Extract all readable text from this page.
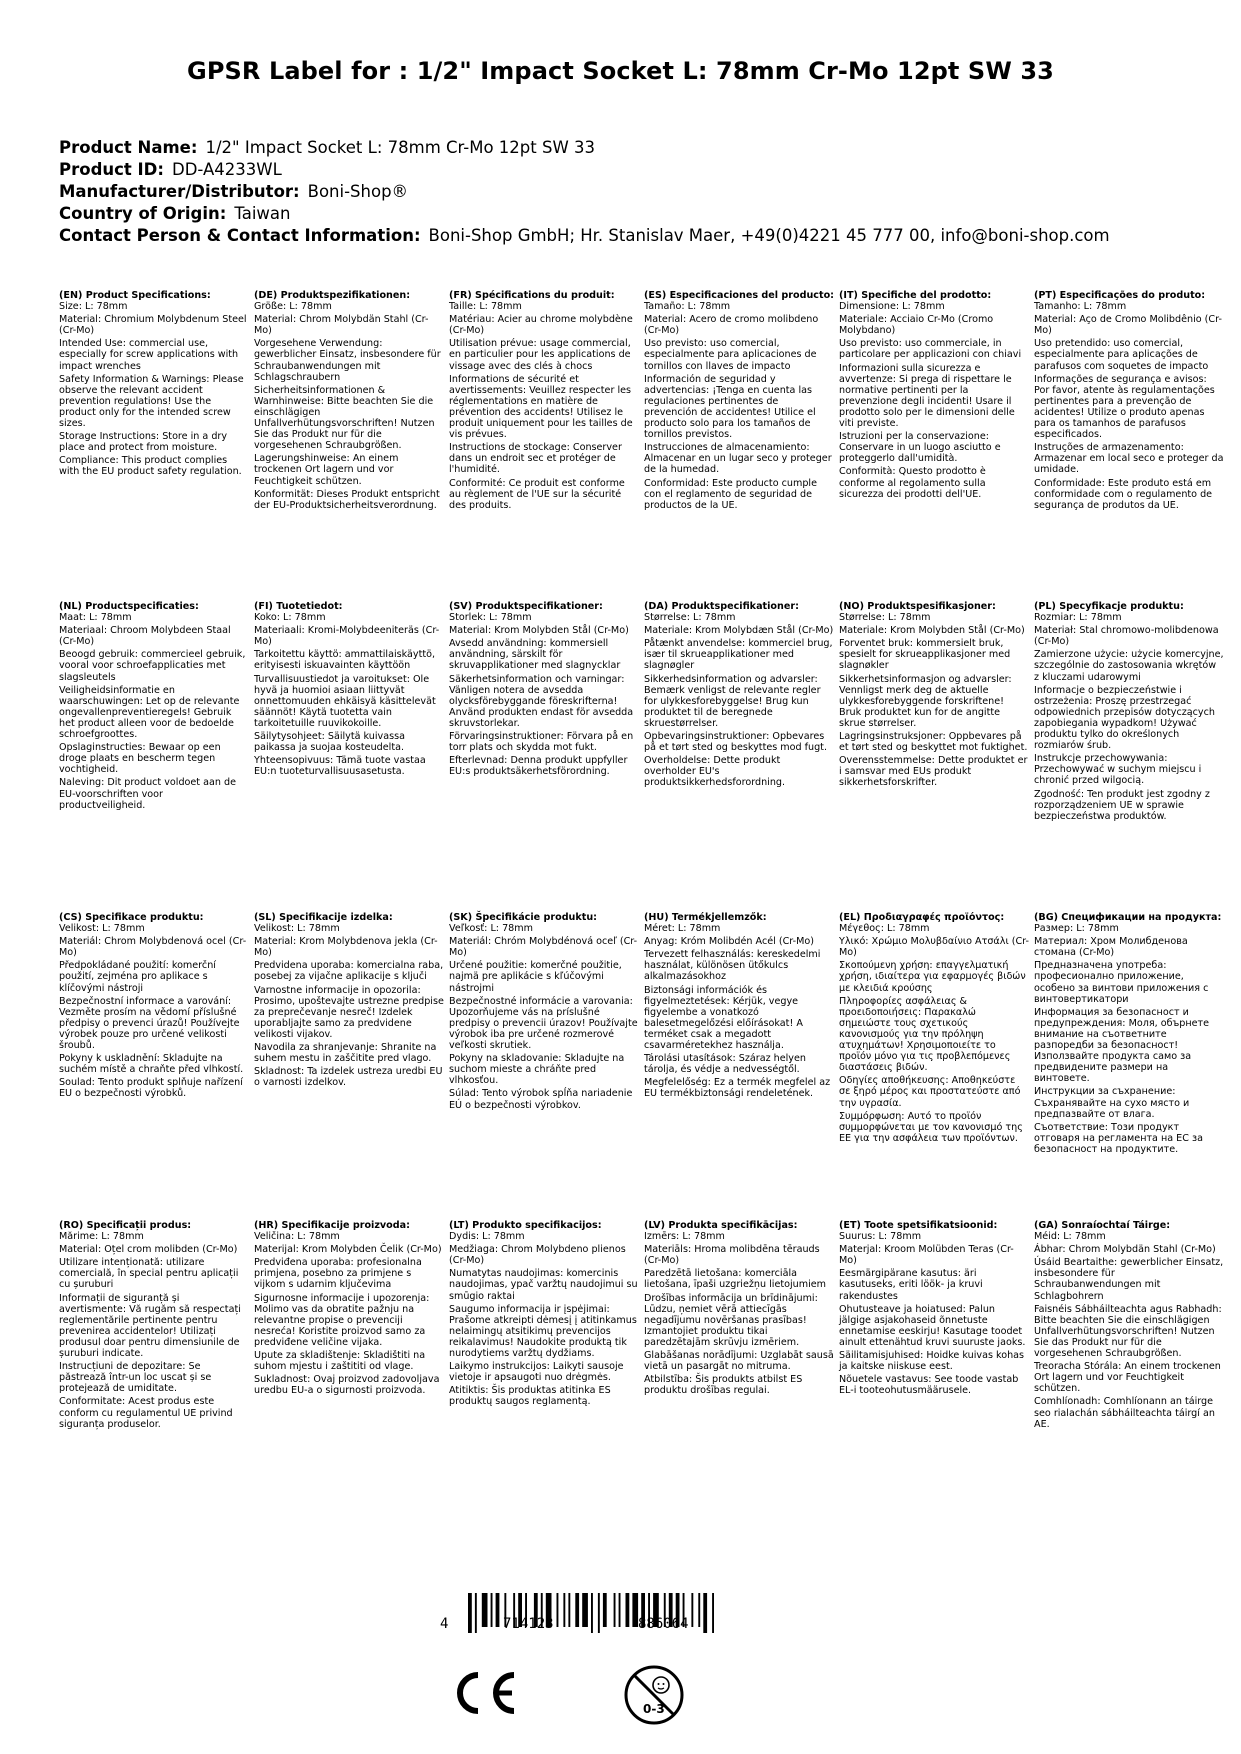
GPSR Label for : 1/2" Impact Socket L: 78mm Cr-Mo 12pt SW 33
Product Name: 1/2" Impact Socket L: 78mm Cr-Mo 12pt SW 33
Product ID: DD-A4233WL
Manufacturer/Distributor: Boni-Shop®
Country of Origin: Taiwan
Contact Person & Contact Information: Boni-Shop GmbH; Hr. Stanislav Maer, +49(0)4221 45 777 00, info@boni-shop.com
(EN) Product Specifications:
Size: L: 78mm
Material: Chromium Molybdenum Steel (Cr-Mo)
Intended Use: commercial use, especially for screw applications with impact wrenches
Safety Information & Warnings: Please observe the relevant accident prevention regulations! Use the product only for the intended screw sizes.
Storage Instructions: Store in a dry place and protect from moisture.
Compliance: This product complies with the EU product safety regulation.
(DE) Produktspezifikationen:
Größe: L: 78mm
Material: Chrom Molybdän Stahl (Cr-Mo)
Vorgesehene Verwendung: gewerblicher Einsatz, insbesondere für Schraubanwendungen mit Schlagschraubern
Sicherheitsinformationen & Warnhinweise: Bitte beachten Sie die einschlägigen Unfallverhütungsvorschriften! Nutzen Sie das Produkt nur für die vorgesehenen Schraubgrößen.
Lagerungshinweise: An einem trockenen Ort lagern und vor Feuchtigkeit schützen.
Konformität: Dieses Produkt entspricht der EU-Produktsicherheitsverordnung.
(FR) Spécifications du produit:
Taille: L: 78mm
Matériau: Acier au chrome molybdène (Cr-Mo)
Utilisation prévue: usage commercial, en particulier pour les applications de vissage avec des clés à chocs
Informations de sécurité et avertissements: Veuillez respecter les réglementations en matière de prévention des accidents! Utilisez le produit uniquement pour les tailles de vis prévues.
Instructions de stockage: Conserver dans un endroit sec et protéger de l'humidité.
Conformité: Ce produit est conforme au règlement de l'UE sur la sécurité des produits.
(ES) Especificaciones del producto:
Tamaño: L: 78mm
Material: Acero de cromo molibdeno (Cr-Mo)
Uso previsto: uso comercial, especialmente para aplicaciones de tornillos con llaves de impacto
Información de seguridad y advertencias: ¡Tenga en cuenta las regulaciones pertinentes de prevención de accidentes! Utilice el producto solo para los tamaños de tornillos previstos.
Instrucciones de almacenamiento: Almacenar en un lugar seco y proteger de la humedad.
Conformidad: Este producto cumple con el reglamento de seguridad de productos de la UE.
(IT) Specifiche del prodotto:
Dimensione: L: 78mm
Materiale: Acciaio Cr-Mo (Cromo Molybdano)
Uso previsto: uso commerciale, in particolare per applicazioni con chiavi
Informazioni sulla sicurezza e avvertenze: Si prega di rispettare le normative pertinenti per la prevenzione degli incidenti! Usare il prodotto solo per le dimensioni delle viti previste.
Istruzioni per la conservazione: Conservare in un luogo asciutto e proteggerlo dall'umidità.
Conformità: Questo prodotto è conforme al regolamento sulla sicurezza dei prodotti dell'UE.
(PT) Especificações do produto:
Tamanho: L: 78mm
Material: Aço de Cromo Molibdênio (Cr-Mo)
Uso pretendido: uso comercial, especialmente para aplicações de parafusos com soquetes de impacto
Informações de segurança e avisos: Por favor, atente às regulamentações pertinentes para a prevenção de acidentes! Utilize o produto apenas para os tamanhos de parafusos especificados.
Instruções de armazenamento: Armazenar em local seco e proteger da umidade.
Conformidade: Este produto está em conformidade com o regulamento de segurança de produtos da UE.
(NL) Productspecificaties:
Maat: L: 78mm
Materiaal: Chroom Molybdeen Staal (Cr-Mo)
Beoogd gebruik: commercieel gebruik, vooral voor schroefapplicaties met slagsleutels
Veiligheidsinformatie en waarschuwingen: Let op de relevante ongevallenpreventieregels! Gebruik het product alleen voor de bedoelde schroefgroottes.
Opslaginstructies: Bewaar op een droge plaats en bescherm tegen vochtigheid.
Naleving: Dit product voldoet aan de EU-voorschriften voor productveiligheid.
(FI) Tuotetiedot:
Koko: L: 78mm
Materiaali: Kromi-Molybdeeniteräs (Cr-Mo)
Tarkoitettu käyttö: ammattilaiskäyttö, erityisesti iskuavainten käyttöön
Turvallisuustiedot ja varoitukset: Ole hyvä ja huomioi asiaan liittyvät onnettomuuden ehkäisyä käsittelevät säännöt! Käytä tuotetta vain tarkoitetuille ruuvikokoille.
Säilytysohjeet: Säilytä kuivassa paikassa ja suojaa kosteudelta.
Yhteensopivuus: Tämä tuote vastaa EU:n tuoteturvallisuusasetusta.
(SV) Produktspecifikationer:
Storlek: L: 78mm
Material: Krom Molybden Stål (Cr-Mo)
Avsedd användning: kommersiell användning, särskilt för skruvapplikationer med slagnycklar
Säkerhetsinformation och varningar: Vänligen notera de avsedda olycksförebyggande föreskrifterna! Använd produkten endast för avsedda skruvstorlekar.
Förvaringsinstruktioner: Förvara på en torr plats och skydda mot fukt.
Efterlevnad: Denna produkt uppfyller EU:s produktsäkerhetsförordning.
(DA) Produktspecifikationer:
Størrelse: L: 78mm
Materiale: Krom Molybdæn Stål (Cr-Mo)
Påtænkt anvendelse: kommerciel brug, især til skrueapplikationer med slagnøgler
Sikkerhedsinformation og advarsler: Bemærk venligst de relevante regler for ulykkesforebyggelse! Brug kun produktet til de beregnede skruestørrelser.
Opbevaringsinstruktioner: Opbevares på et tørt sted og beskyttes mod fugt.
Overholdelse: Dette produkt overholder EU's produktsikkerhedsforordning.
(NO) Produktspesifikasjoner:
Størrelse: L: 78mm
Materiale: Krom Molybden Stål (Cr-Mo)
Forventet bruk: kommersielt bruk, spesielt for skrueapplikasjoner med slagnøkler
Sikkerhetsinformasjon og advarsler: Vennligst merk deg de aktuelle ulykkesforebyggende forskriftene! Bruk produktet kun for de angitte skrue størrelser.
Lagringsinstruksjoner: Oppbevares på et tørt sted og beskyttet mot fuktighet.
Overensstemmelse: Dette produktet er i samsvar med EUs produkt sikkerhetsforskrifter.
(PL) Specyfikacje produktu:
Rozmiar: L: 78mm
Materiał: Stal chromowo-molibdenowa (Cr-Mo)
Zamierzone użycie: użycie komercyjne, szczególnie do zastosowania wkrętów z kluczami udarowymi
Informacje o bezpieczeństwie i ostrzeżenia: Proszę przestrzegać odpowiednich przepisów dotyczących zapobiegania wypadkom! Używać produktu tylko do określonych rozmiarów śrub.
Instrukcje przechowywania: Przechowywać w suchym miejscu i chronić przed wilgocią.
Zgodność: Ten produkt jest zgodny z rozporządzeniem UE w sprawie bezpieczeństwa produktów.
(CS) Specifikace produktu:
Velikost: L: 78mm
Materiál: Chrom Molybdenová ocel (Cr-Mo)
Předpokládané použití: komerční použití, zejména pro aplikace s klíčovými nástroji
Bezpečnostní informace a varování: Vezměte prosím na vědomí příslušné předpisy o prevenci úrazů! Používejte výrobek pouze pro určené velikosti šroubů.
Pokyny k uskladnění: Skladujte na suchém místě a chraňte před vlhkostí.
Soulad: Tento produkt splňuje nařízení EU o bezpečnosti výrobků.
(SL) Specifikacije izdelka:
Velikost: L: 78mm
Material: Krom Molybdenova jekla (Cr-Mo)
Predvidena uporaba: komercialna raba, posebej za vijačne aplikacije s ključi
Varnostne informacije in opozorila: Prosimo, upoštevajte ustrezne predpise za preprečevanje nesreč! Izdelek uporabljajte samo za predvidene velikosti vijakov.
Navodila za shranjevanje: Shranite na suhem mestu in zaščitite pred vlago.
Skladnost: Ta izdelek ustreza uredbi EU o varnosti izdelkov.
(SK) Špecifikácie produktu:
Veľkosť: L: 78mm
Materiál: Chróm Molybdénová oceľ (Cr-Mo)
Určené použitie: komerčné použitie, najmä pre aplikácie s kľúčovými nástrojmi
Bezpečnostné informácie a varovania: Upozorňujeme vás na príslušné predpisy o prevencii úrazov! Používajte výrobok iba pre určené rozmerové veľkosti skrutiek.
Pokyny na skladovanie: Skladujte na suchom mieste a chráňte pred vlhkosťou.
Súlad: Tento výrobok spĺňa nariadenie EÚ o bezpečnosti výrobkov.
(HU) Termékjellemzők:
Méret: L: 78mm
Anyag: Króm Molibdén Acél (Cr-Mo)
Tervezett felhasználás: kereskedelmi használat, különösen ütőkulcs alkalmazásokhoz
Biztonsági információk és figyelmeztetések: Kérjük, vegye figyelembe a vonatkozó balesetmegelőzési előírásokat! A terméket csak a megadott csavarméretekhez használja.
Tárolási utasítások: Száraz helyen tárolja, és védje a nedvességtől.
Megfelelőség: Ez a termék megfelel az EU termékbiztonsági rendeletének.
(EL) Προδιαγραφές προϊόντος:
Μέγεθος: L: 78mm
Υλικό: Χρώμιο Μολυβδαίνιο Ατσάλι (Cr-Mo)
Σκοπούμενη χρήση: επαγγελματική χρήση, ιδιαίτερα για εφαρμογές βιδών με κλειδιά κρούσης
Πληροφορίες ασφάλειας & προειδοποιήσεις: Παρακαλώ σημειώστε τους σχετικούς κανονισμούς για την πρόληψη ατυχημάτων! Χρησιμοποιείτε το προϊόν μόνο για τις προβλεπόμενες διαστάσεις βιδών.
Οδηγίες αποθήκευσης: Αποθηκεύστε σε ξηρό μέρος και προστατεύστε από την υγρασία.
Συμμόρφωση: Αυτό το προϊόν συμμορφώνεται με τον κανονισμό της ΕΕ για την ασφάλεια των προϊόντων.
(BG) Спецификации на продукта:
Размер: L: 78mm
Материал: Хром Молибденова стомана (Cr-Mo)
Предназначена употреба: професионално приложение, особено за винтови приложения с винтовертикатори
Информация за безопасност и предупреждения: Моля, обърнете внимание на съответните разпоредби за безопасност! Използвайте продукта само за предвидените размери на винтовете.
Инструкции за съхранение: Съхранявайте на сухо място и предпазвайте от влага.
Съответствие: Този продукт отговаря на регламента на ЕС за безопасност на продуктите.
(RO) Specificații produs:
Mărime: L: 78mm
Material: Oțel crom molibden (Cr-Mo)
Utilizare intenționată: utilizare comercială, în special pentru aplicații cu șuruburi
Informații de siguranță și avertismente: Vă rugăm să respectați reglementările pertinente pentru prevenirea accidentelor! Utilizați produsul doar pentru dimensiunile de șuruburi indicate.
Instrucțiuni de depozitare: Se păstrează într-un loc uscat și se protejează de umiditate.
Conformitate: Acest produs este conform cu regulamentul UE privind siguranța produselor.
(HR) Specifikacije proizvoda:
Veličina: L: 78mm
Materijal: Krom Molybden Čelik (Cr-Mo)
Predviđena uporaba: profesionalna primjena, posebno za primjene s vijkom s udarnim ključevima
Sigurnosne informacije i upozorenja: Molimo vas da obratite pažnju na relevantne propise o prevenciji nesreća! Koristite proizvod samo za predviđene veličine vijaka.
Upute za skladištenje: Skladištiti na suhom mjestu i zaštititi od vlage.
Sukladnost: Ovaj proizvod zadovoljava uredbu EU-a o sigurnosti proizvoda.
(LT) Produkto specifikacijos:
Dydis: L: 78mm
Medžiaga: Chrom Molybdeno plienos (Cr-Mo)
Numatytas naudojimas: komercinis naudojimas, ypač varžtų naudojimui su smūgio raktai
Saugumo informacija ir įspėjimai: Prašome atkreipti dėmesį į atitinkamus nelaimingų atsitikimų prevencijos reikalavimus! Naudokite produktą tik nurodytiems varžtų dydžiams.
Laikymo instrukcijos: Laikyti sausoje vietoje ir apsaugoti nuo drėgmės.
Atitiktis: Šis produktas atitinka ES produktų saugos reglamentą.
(LV) Produkta specifikācijas:
Izmērs: L: 78mm
Materiāls: Hroma molibdēna tērauds (Cr-Mo)
Paredzētā lietošana: komerciāla lietošana, īpaši uzgriežņu lietojumiem
Drošības informācija un brīdinājumi: Lūdzu, ņemiet vērā attiecīgās negadījumu novēršanas prasības! Izmantojiet produktu tikai paredzētajām skrūvju izmēriem.
Glabāšanas norādījumi: Uzglabāt sausā vietā un pasargāt no mitruma.
Atbilstība: Šis produkts atbilst ES produktu drošības regulai.
(ET) Toote spetsifikatsioonid:
Suurus: L: 78mm
Materjal: Kroom Molübden Teras (Cr-Mo)
Eesmärgipärane kasutus: äri kasutuseks, eriti löök- ja kruvi rakendustes
Ohutusteave ja hoiatused: Palun jälgige asjakohaseid õnnetuste ennetamise eeskirju! Kasutage toodet ainult ettenähtud kruvi suuruste jaoks.
Säilitamisjuhised: Hoidke kuivas kohas ja kaitske niiskuse eest.
Nõuetele vastavus: See toode vastab EL-i tooteohutusmäärusele.
(GA) Sonraíochtaí Táirge:
Méid: L: 78mm
Ábhar: Chrom Molybdän Stahl (Cr-Mo)
Úsáid Beartaithe: gewerblicher Einsatz, insbesondere für Schraubanwendungen mit Schlagbohrern
Faisnéis Sábháilteachta agus Rabhadh: Bitte beachten Sie die einschlägigen Unfallverhütungsvorschriften! Nutzen Sie das Produkt nur für die vorgesehenen Schraubgrößen.
Treoracha Stórála: An einem trockenen Ort lagern und vor Feuchtigkeit schützen.
Comhlíonadh: Comhlíonann an táirge seo rialachán sábháilteachta táirgí an AE.
4	714123	886064
0-3
